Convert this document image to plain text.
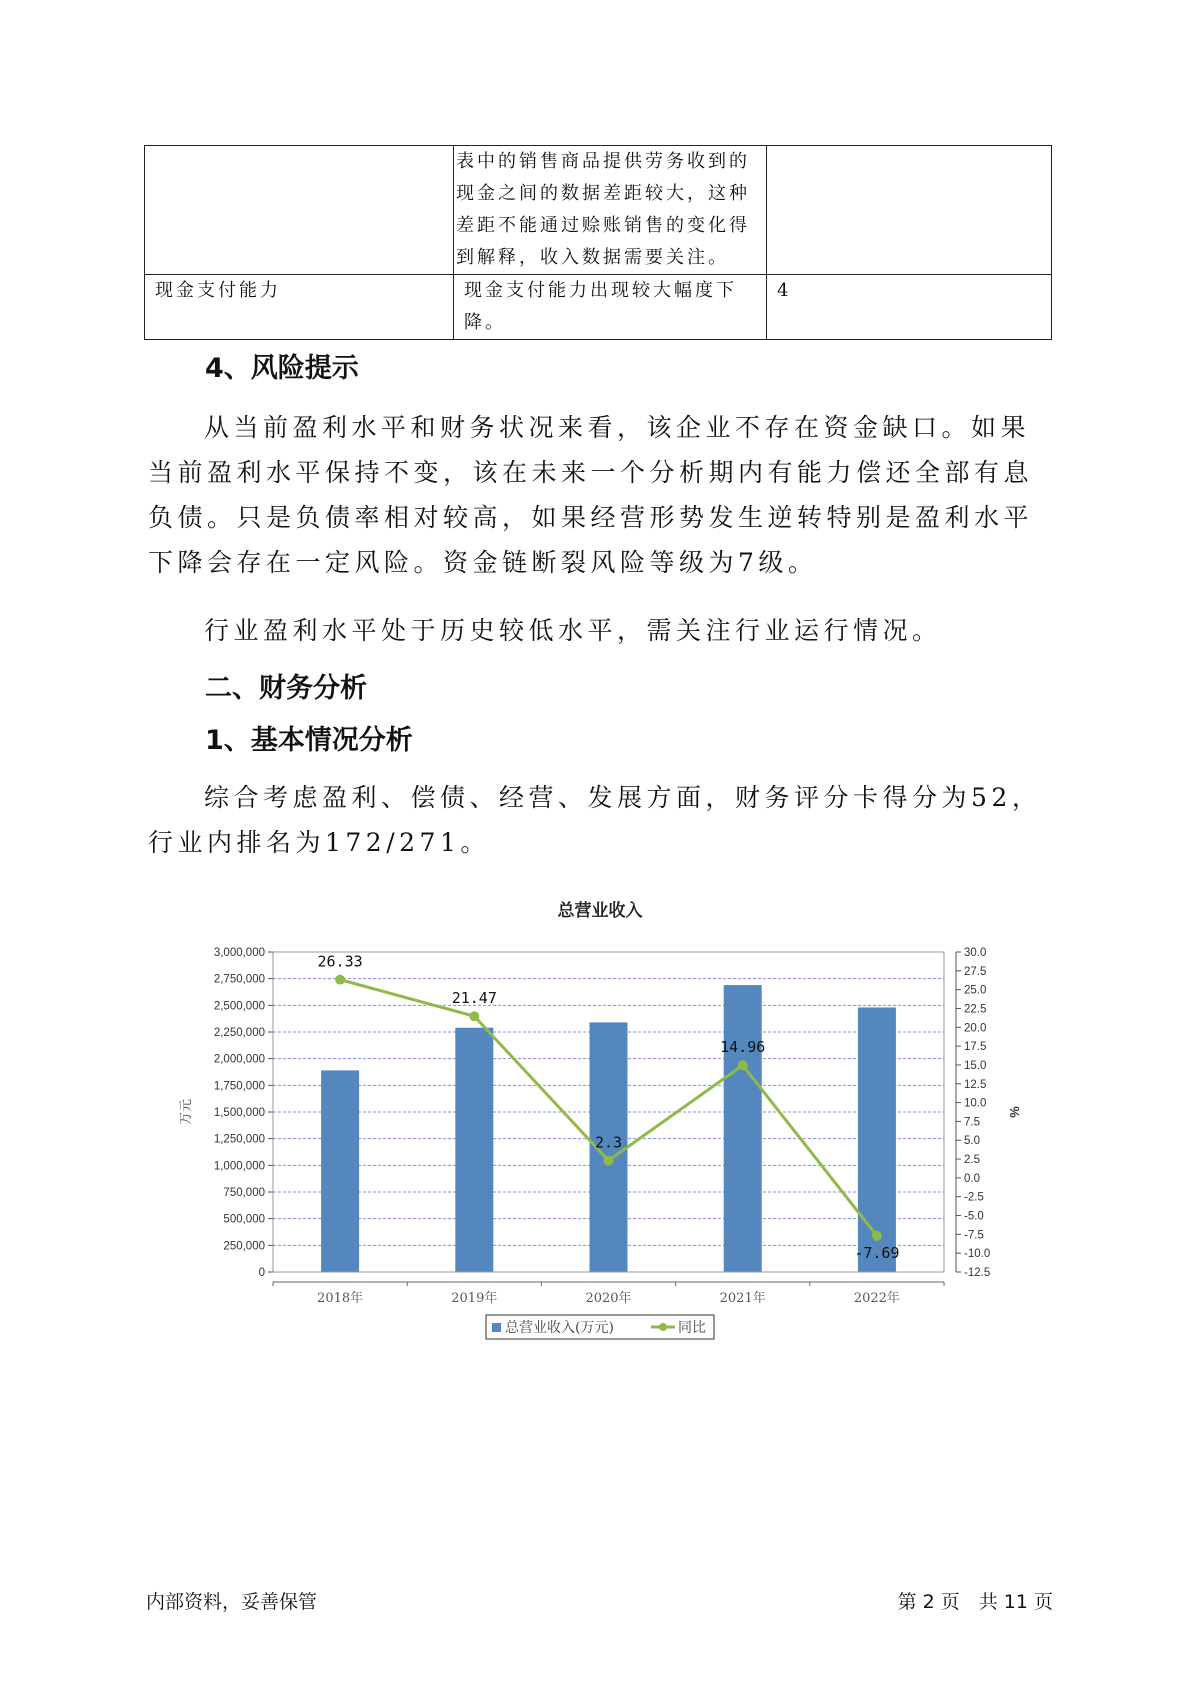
	表中的销售商品提供劳务收到的现金之间的数据差距较大，这种差距不能通过赊账销售的变化得到解释，收入数据需要关注。	
现金支付能力	现金支付能力出现较大幅度下降。	4
4、风险提示

从当前盈利水平和财务状况来看，该企业不存在资金缺口。如果当前盈利水平保持不变，该在未来一个分析期内有能力偿还全部有息负债。只是负债率相对较高，如果经营形势发生逆转特别是盈利水平下降会存在一定风险。资金链断裂风险等级为7级。

行业盈利水平处于历史较低水平，需关注行业运行情况。

二、财务分析
1、基本情况分析

综合考虑盈利、偿债、经营、发展方面，财务评分卡得分为52，行业内排名为172/271。

总营业收入
0
250,000
500,000
750,000
1,000,000
1,250,000
1,500,000
1,750,000
2,000,000
2,250,000
2,500,000
2,750,000
3,000,000
-12.5
-10.0
-7.5
-5.0
-2.5
0.0
2.5
5.0
7.5
10.0
12.5
15.0
17.5
20.0
22.5
25.0
27.5
30.0
万元	%
2018年	2019年	2020年	2021年	2022年
26.33
21.47
2.3
14.96
-7.69
总营业收入(万元)	同比
内部资料，妥善保管	第 2 页　共 11 页
